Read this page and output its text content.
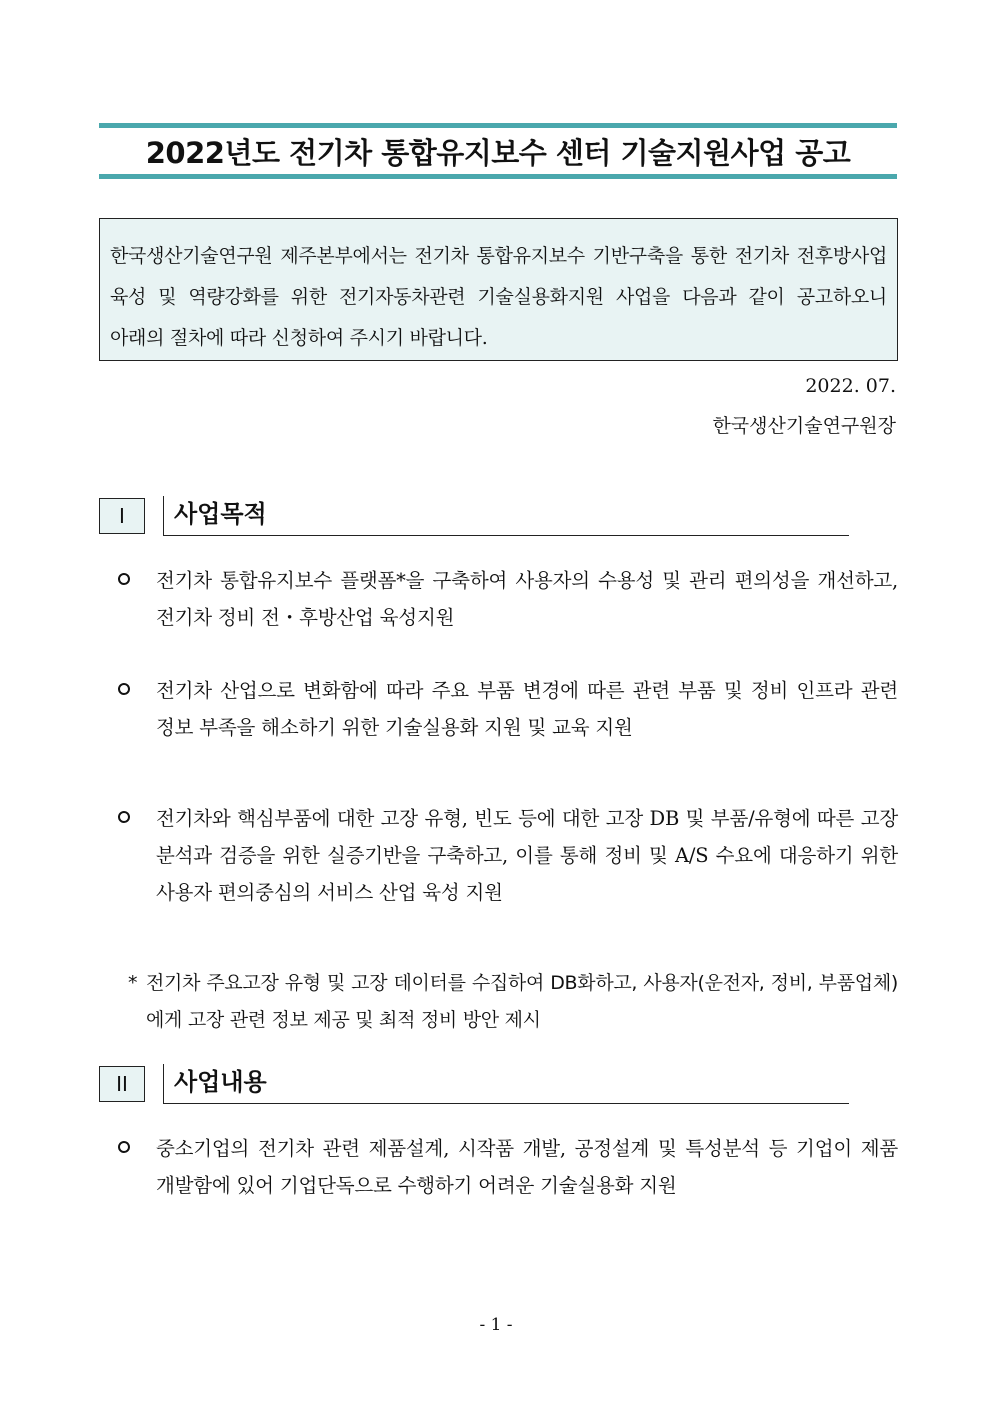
2022년도 전기차 통합유지보수 센터 기술지원사업 공고
한국생산기술연구원 제주본부에서는 전기차 통합유지보수 기반구축을 통한 전기차 전후방사업 육성 및 역량강화를 위한 전기자동차관련 기술실용화지원 사업을 다음과 같이 공고하오니 아래의 절차에 따라 신청하여 주시기 바랍니다.
2022. 07.
한국생산기술연구원장
I	사업목적
전기차 통합유지보수 플랫폼*을 구축하여 사용자의 수용성 및 관리 편의성을 개선하고, 전기차 정비 전・후방산업 육성지원
전기차 산업으로 변화함에 따라 주요 부품 변경에 따른 관련 부품 및 정비 인프라 관련 정보 부족을 해소하기 위한 기술실용화 지원 및 교육 지원
전기차와 핵심부품에 대한 고장 유형, 빈도 등에 대한 고장 DB 및 부품/유형에 따른 고장 분석과 검증을 위한 실증기반을 구축하고, 이를 통해 정비 및 A/S 수요에 대응하기 위한 사용자 편의중심의 서비스 산업 육성 지원
* 전기차 주요고장 유형 및 고장 데이터를 수집하여 DB화하고, 사용자(운전자, 정비, 부품업체)에게 고장 관련 정보 제공 및 최적 정비 방안 제시
II	사업내용
중소기업의 전기차 관련 제품설계, 시작품 개발, 공정설계 및 특성분석 등 기업이 제품 개발함에 있어 기업단독으로 수행하기 어려운 기술실용화 지원
- 1 -
